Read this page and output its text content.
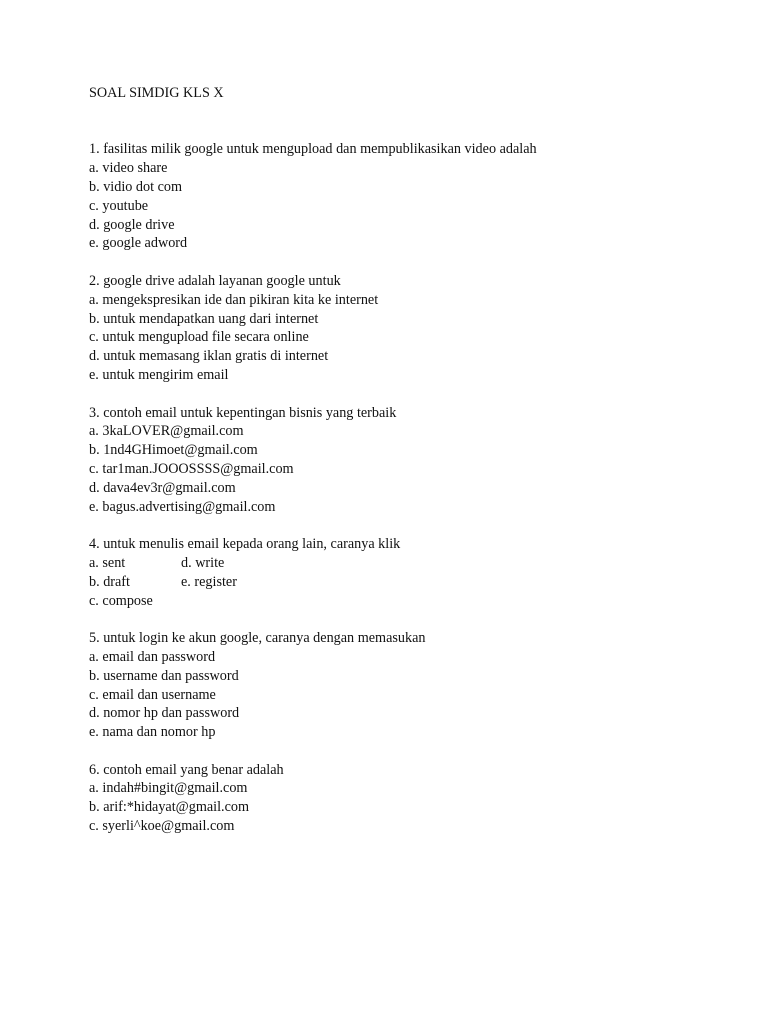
SOAL SIMDIG KLS X
1. fasilitas milik google untuk mengupload dan mempublikasikan video adalah
a. video share
b. vidio dot com
c. youtube
d. google drive
e. google adword
2. google drive adalah layanan google untuk
a. mengekspresikan ide dan pikiran kita ke internet
b. untuk mendapatkan uang dari internet
c. untuk mengupload file secara online
d. untuk memasang iklan gratis di internet
e. untuk mengirim email
3. contoh email untuk kepentingan bisnis yang terbaik
a. 3kaLOVER@gmail.com
b. 1nd4GHimoet@gmail.com
c. tar1man.JOOOSSSS@gmail.com
d. dava4ev3r@gmail.com
e. bagus.advertising@gmail.com
4. untuk menulis email kepada orang lain, caranya klik
a. sent	d. write
b. draft	e. register
c. compose
5. untuk login ke akun google, caranya dengan memasukan
a. email dan password
b. username dan password
c. email dan username
d. nomor hp dan password
e. nama dan nomor hp
6. contoh email yang benar adalah
a. indah#bingit@gmail.com
b. arif:*hidayat@gmail.com
c. syerli^koe@gmail.com
